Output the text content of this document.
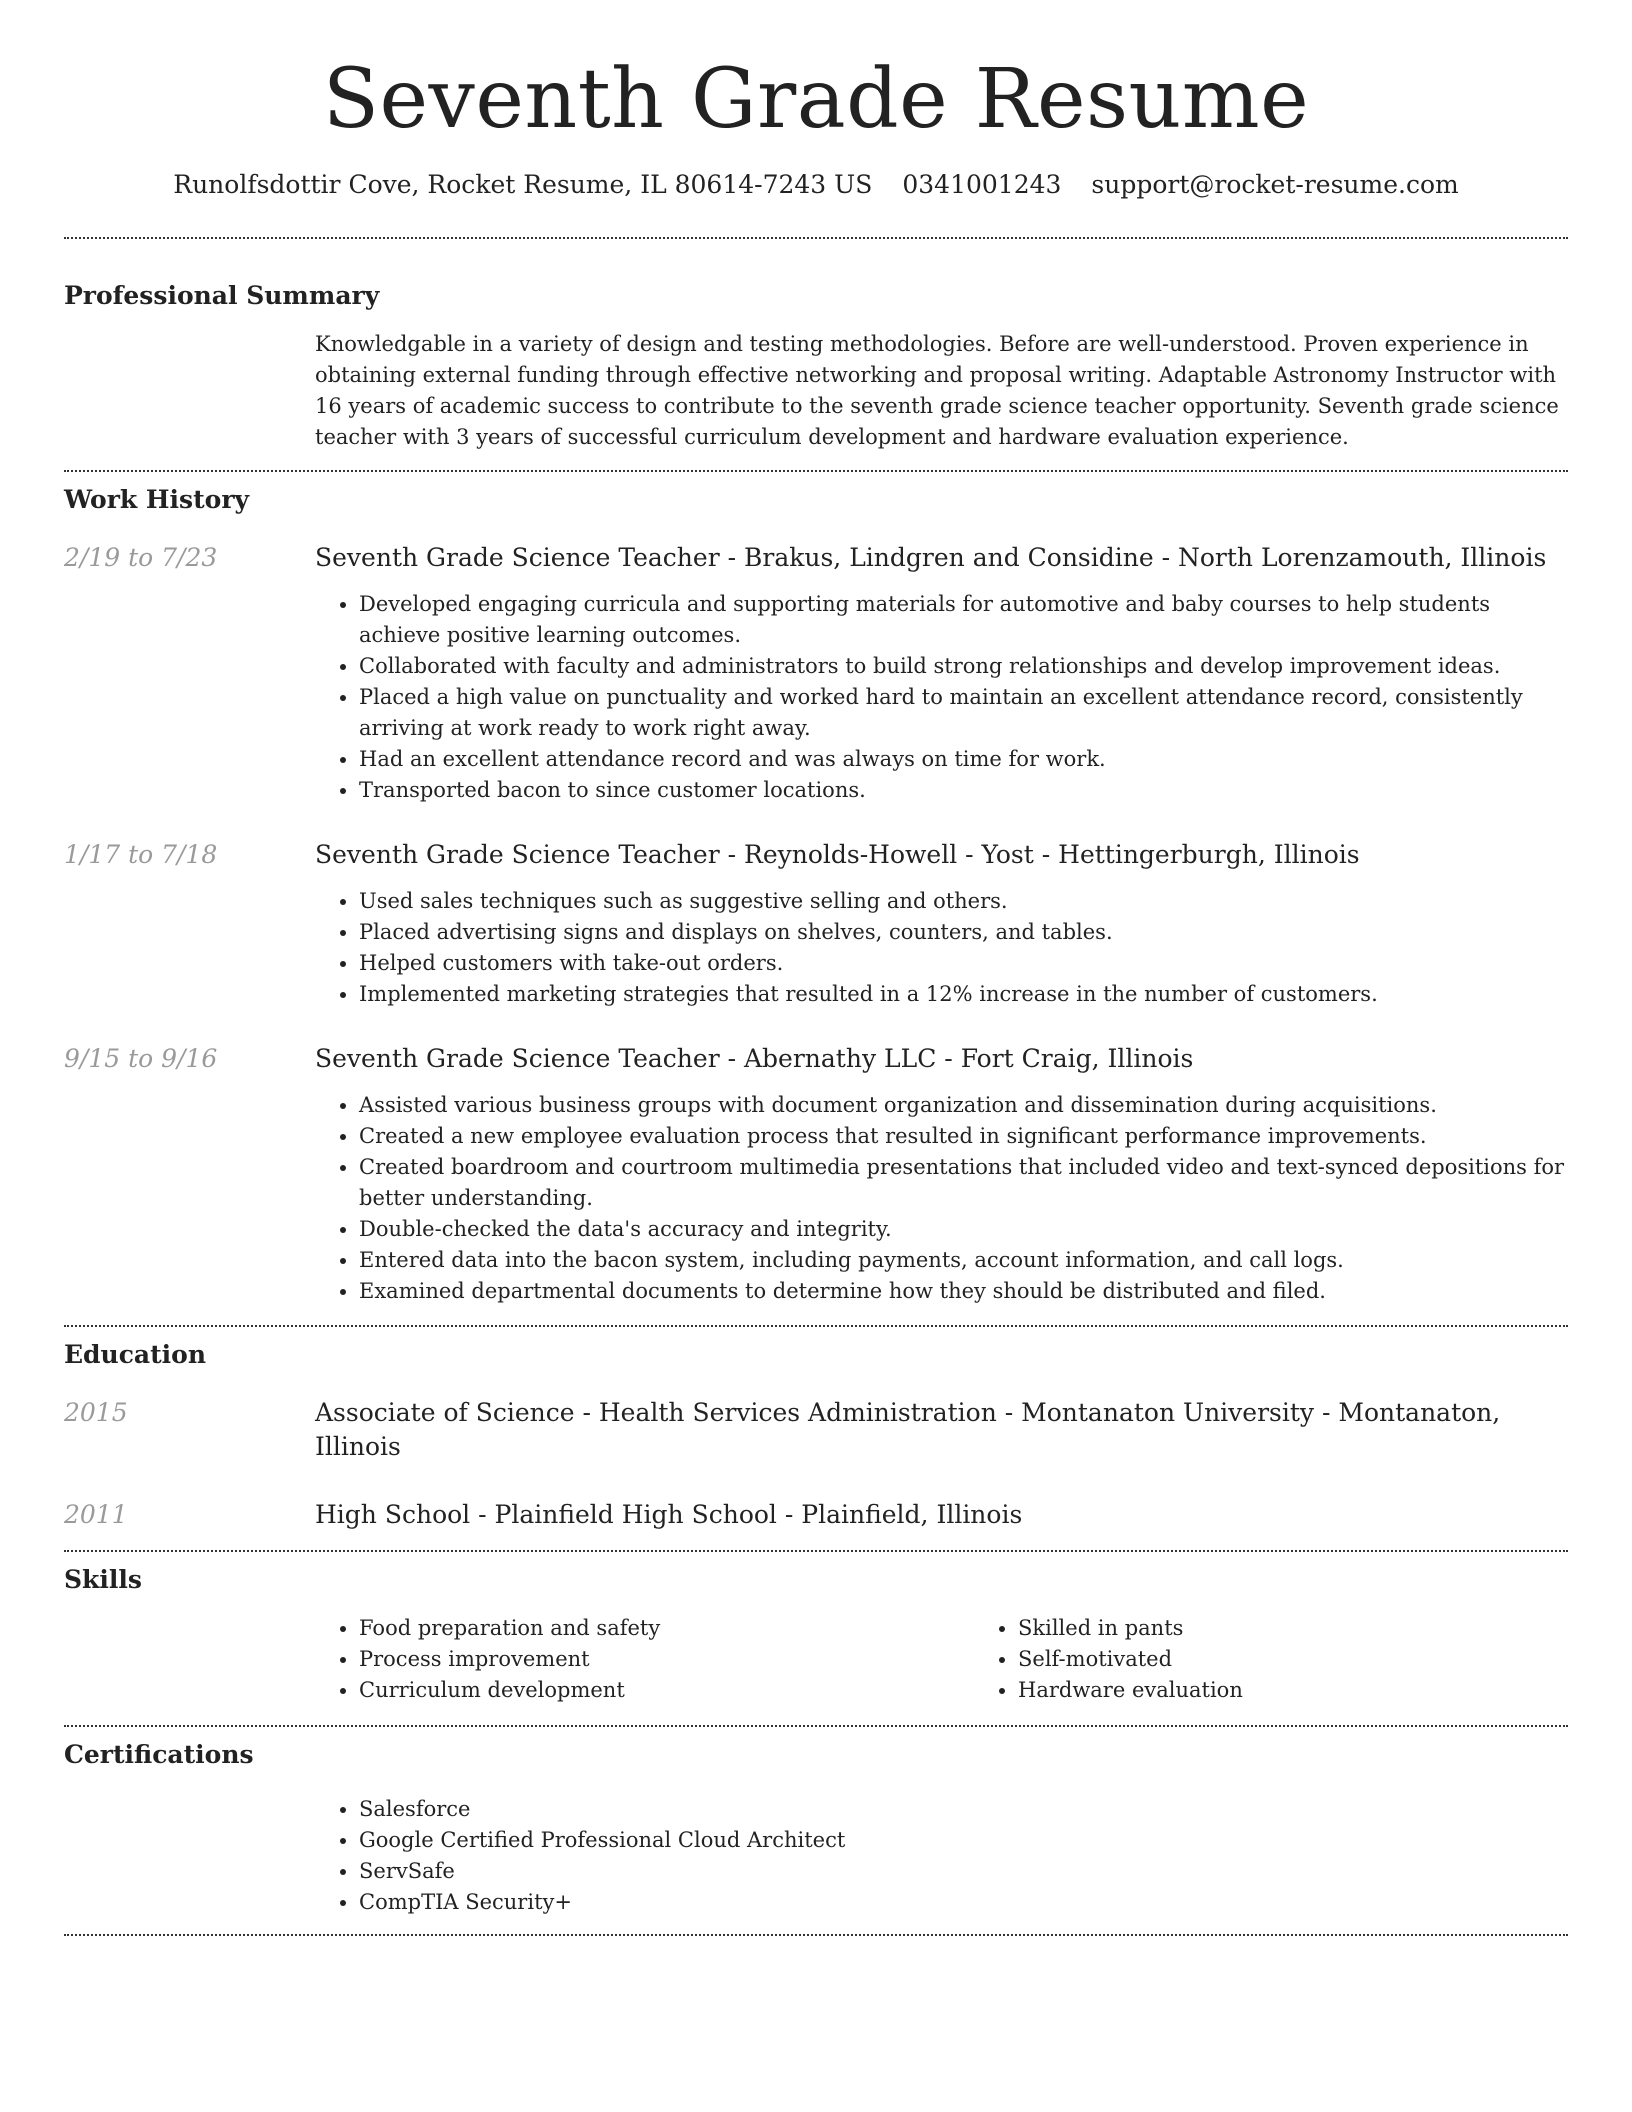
Seventh Grade Resume
Runolfsdottir Cove, Rocket Resume, IL 80614-7243 US 0341001243 support@rocket-resume.com
Professional Summary
Knowledgable in a variety of design and testing methodologies. Before are well-understood. Proven experience in obtaining external funding through effective networking and proposal writing. Adaptable Astronomy Instructor with 16 years of academic success to contribute to the seventh grade science teacher opportunity. Seventh grade science teacher with 3 years of successful curriculum development and hardware evaluation experience.
Work History
2/19 to 7/23	Seventh Grade Science Teacher - Brakus, Lindgren and Considine - North Lorenzamouth, Illinois
• Developed engaging curricula and supporting materials for automotive and baby courses to help students achieve positive learning outcomes.
• Collaborated with faculty and administrators to build strong relationships and develop improvement ideas.
• Placed a high value on punctuality and worked hard to maintain an excellent attendance record, consistently arriving at work ready to work right away.
• Had an excellent attendance record and was always on time for work.
• Transported bacon to since customer locations.
1/17 to 7/18	Seventh Grade Science Teacher - Reynolds-Howell - Yost - Hettingerburgh, Illinois
• Used sales techniques such as suggestive selling and others.
• Placed advertising signs and displays on shelves, counters, and tables.
• Helped customers with take-out orders.
• Implemented marketing strategies that resulted in a 12% increase in the number of customers.
9/15 to 9/16	Seventh Grade Science Teacher - Abernathy LLC - Fort Craig, Illinois
• Assisted various business groups with document organization and dissemination during acquisitions.
• Created a new employee evaluation process that resulted in significant performance improvements.
• Created boardroom and courtroom multimedia presentations that included video and text-synced depositions for better understanding.
• Double-checked the data's accuracy and integrity.
• Entered data into the bacon system, including payments, account information, and call logs.
• Examined departmental documents to determine how they should be distributed and filed.
Education
2015	Associate of Science - Health Services Administration - Montanaton University - Montanaton, Illinois
2011	High School - Plainfield High School - Plainfield, Illinois
Skills
• Food preparation and safety
• Process improvement
• Curriculum development
• Skilled in pants
• Self-motivated
• Hardware evaluation
Certifications
• Salesforce
• Google Certified Professional Cloud Architect
• ServSafe
• CompTIA Security+
